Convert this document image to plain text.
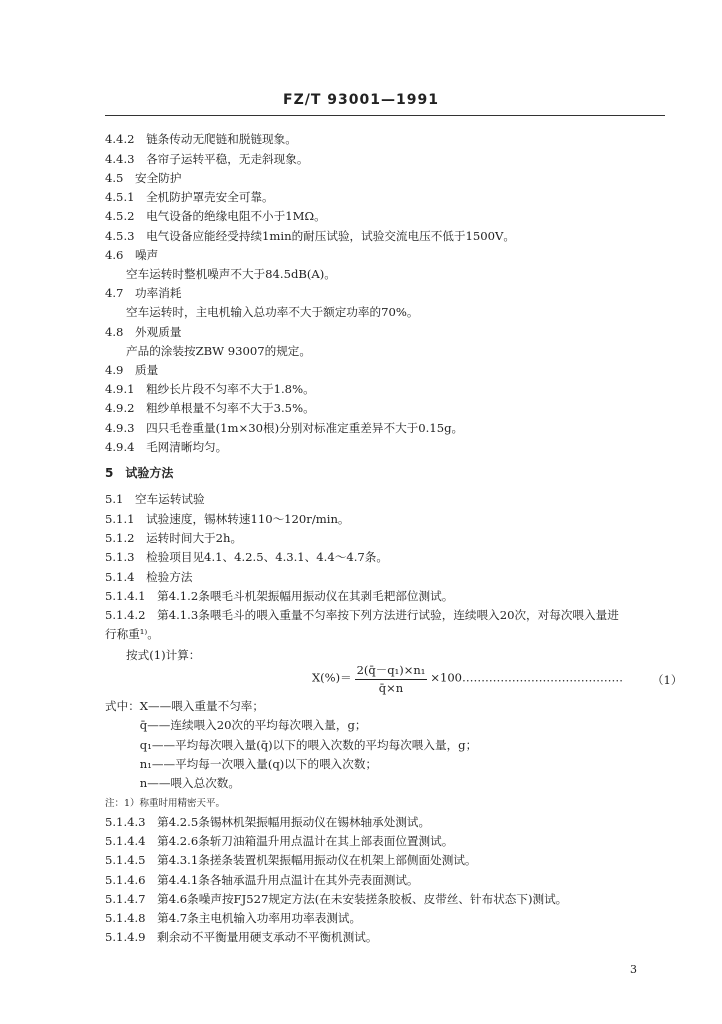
FZ/T 93001—1991
4.4.2　链条传动无爬链和脱链现象。
4.4.3　各帘子运转平稳，无走斜现象。
4.5　安全防护
4.5.1　全机防护罩壳安全可靠。
4.5.2　电气设备的绝缘电阻不小于1MΩ。
4.5.3　电气设备应能经受持续1min的耐压试验，试验交流电压不低于1500V。
4.6　噪声
空车运转时整机噪声不大于84.5dB(A)。
4.7　功率消耗
空车运转时，主电机输入总功率不大于额定功率的70%。
4.8　外观质量
产品的涂装按ZBW 93007的规定。
4.9　质量
4.9.1　粗纱长片段不匀率不大于1.8%。
4.9.2　粗纱单根量不匀率不大于3.5%。
4.9.3　四只毛卷重量(1m×30根)分别对标准定重差异不大于0.15g。
4.9.4　毛网清晰均匀。
5　试验方法
5.1　空车运转试验
5.1.1　试验速度，锡林转速110～120r/min。
5.1.2　运转时间大于2h。
5.1.3　检验项目见4.1、4.2.5、4.3.1、4.4～4.7条。
5.1.4　检验方法
5.1.4.1　第4.1.2条喂毛斗机架振幅用振动仪在其剥毛耙部位测试。
5.1.4.2　第4.1.3条喂毛斗的喂入重量不匀率按下列方法进行试验，连续喂入20次，对每次喂入量进
行称重¹⁾。
按式(1)计算：
式中：X——喂入重量不匀率；
　　　q̄——连续喂入20次的平均每次喂入量，g；
　　　q₁——平均每次喂入量(q̄)以下的喂入次数的平均每次喂入量，g；
　　　n₁——平均每一次喂入量(q)以下的喂入次数；
　　　n——喂入总次数。
注：1）称重时用精密天平。
5.1.4.3　第4.2.5条锡林机架振幅用振动仪在锡林轴承处测试。
5.1.4.4　第4.2.6条斩刀油箱温升用点温计在其上部表面位置测试。
5.1.4.5　第4.3.1条搓条装置机架振幅用振动仪在机架上部侧面处测试。
5.1.4.6　第4.4.1条各轴承温升用点温计在其外壳表面测试。
5.1.4.7　第4.6条噪声按FJ527规定方法(在未安装搓条胶板、皮带丝、针布状态下)测试。
5.1.4.8　第4.7条主电机输入功率用功率表测试。
5.1.4.9　剩余动不平衡量用硬支承动不平衡机测试。
$X(\%)= \frac{\text{2(q̄－q₁)×n₁}}{q̄\times n}$ ×100……………………………………	（1）
3
